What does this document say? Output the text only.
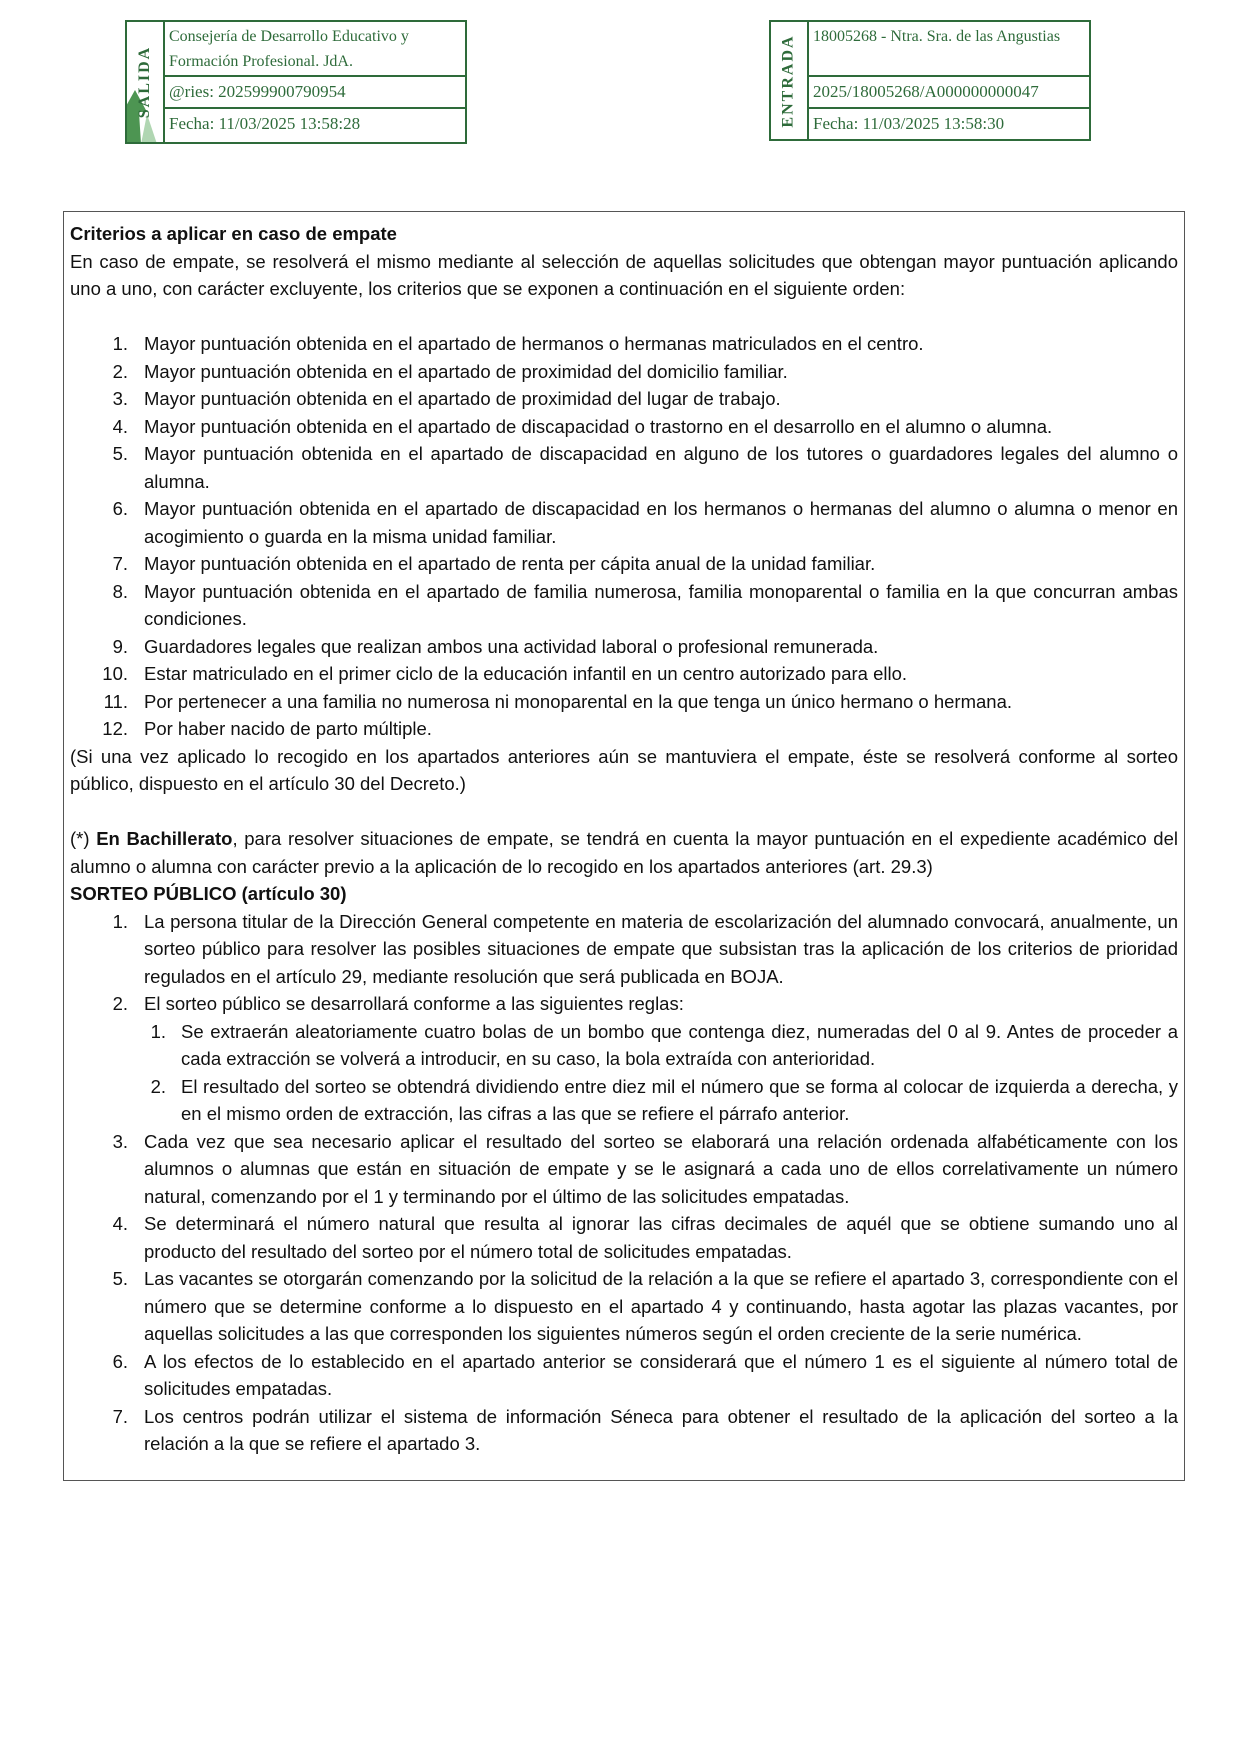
SALIDA
Consejería de Desarrollo Educativo y Formación Profesional. JdA.
@ries: 202599900790954
Fecha: 11/03/2025 13:58:28	ENTRADA 18005268 - Ntra. Sra. de las Angustias
2025/18005268/A000000000047
Fecha: 11/03/2025 13:58:30

Criterios a aplicar en caso de empate

En caso de empate, se resolverá el mismo mediante al selección de aquellas solicitudes que obtengan mayor puntuación aplicando uno a uno, con carácter excluyente, los criterios que se exponen a continuación en el siguiente orden:

1. Mayor puntuación obtenida en el apartado de hermanos o hermanas matriculados en el centro.
2. Mayor puntuación obtenida en el apartado de proximidad del domicilio familiar.
3. Mayor puntuación obtenida en el apartado de proximidad del lugar de trabajo.
4. Mayor puntuación obtenida en el apartado de discapacidad o trastorno en el desarrollo en el alumno o alumna.
5. Mayor puntuación obtenida en el apartado de discapacidad en alguno de los tutores o guardadores legales del alumno o alumna.
6. Mayor puntuación obtenida en el apartado de discapacidad en los hermanos o hermanas del alumno o alumna o menor en acogimiento o guarda en la misma unidad familiar.
7. Mayor puntuación obtenida en el apartado de renta per cápita anual de la unidad familiar.
8. Mayor puntuación obtenida en el apartado de familia numerosa, familia monoparental o familia en la que concurran ambas condiciones.
9. Guardadores legales que realizan ambos una actividad laboral o profesional remunerada.
10. Estar matriculado en el primer ciclo de la educación infantil en un centro autorizado para ello.
11. Por pertenecer a una familia no numerosa ni monoparental en la que tenga un único hermano o hermana.
12. Por haber nacido de parto múltiple.

(Si una vez aplicado lo recogido en los apartados anteriores aún se mantuviera el empate, éste se resolverá conforme al sorteo público, dispuesto en el artículo 30 del Decreto.)

(*) En Bachillerato, para resolver situaciones de empate, se tendrá en cuenta la mayor puntuación en el expediente académico del alumno o alumna con carácter previo a la aplicación de lo recogido en los apartados anteriores (art. 29.3)

SORTEO PÚBLICO (artículo 30)

1. La persona titular de la Dirección General competente en materia de escolarización del alumnado convocará, anualmente, un sorteo público para resolver las posibles situaciones de empate que subsistan tras la aplicación de los criterios de prioridad regulados en el artículo 29, mediante resolución que será publicada en BOJA.
2. El sorteo público se desarrollará conforme a las siguientes reglas:
1. Se extraerán aleatoriamente cuatro bolas de un bombo que contenga diez, numeradas del 0 al 9. Antes de proceder a cada extracción se volverá a introducir, en su caso, la bola extraída con anterioridad.
2. El resultado del sorteo se obtendrá dividiendo entre diez mil el número que se forma al colocar de izquierda a derecha, y en el mismo orden de extracción, las cifras a las que se refiere el párrafo anterior.
3. Cada vez que sea necesario aplicar el resultado del sorteo se elaborará una relación ordenada alfabéticamente con los alumnos o alumnas que están en situación de empate y se le asignará a cada uno de ellos correlativamente un número natural, comenzando por el 1 y terminando por el último de las solicitudes empatadas.
4. Se determinará el número natural que resulta al ignorar las cifras decimales de aquél que se obtiene sumando uno al producto del resultado del sorteo por el número total de solicitudes empatadas.
5. Las vacantes se otorgarán comenzando por la solicitud de la relación a la que se refiere el apartado 3, correspondiente con el número que se determine conforme a lo dispuesto en el apartado 4 y continuando, hasta agotar las plazas vacantes, por aquellas solicitudes a las que corresponden los siguientes números según el orden creciente de la serie numérica.
6. A los efectos de lo establecido en el apartado anterior se considerará que el número 1 es el siguiente al número total de solicitudes empatadas.
7. Los centros podrán utilizar el sistema de información Séneca para obtener el resultado de la aplicación del sorteo a la relación a la que se refiere el apartado 3.
